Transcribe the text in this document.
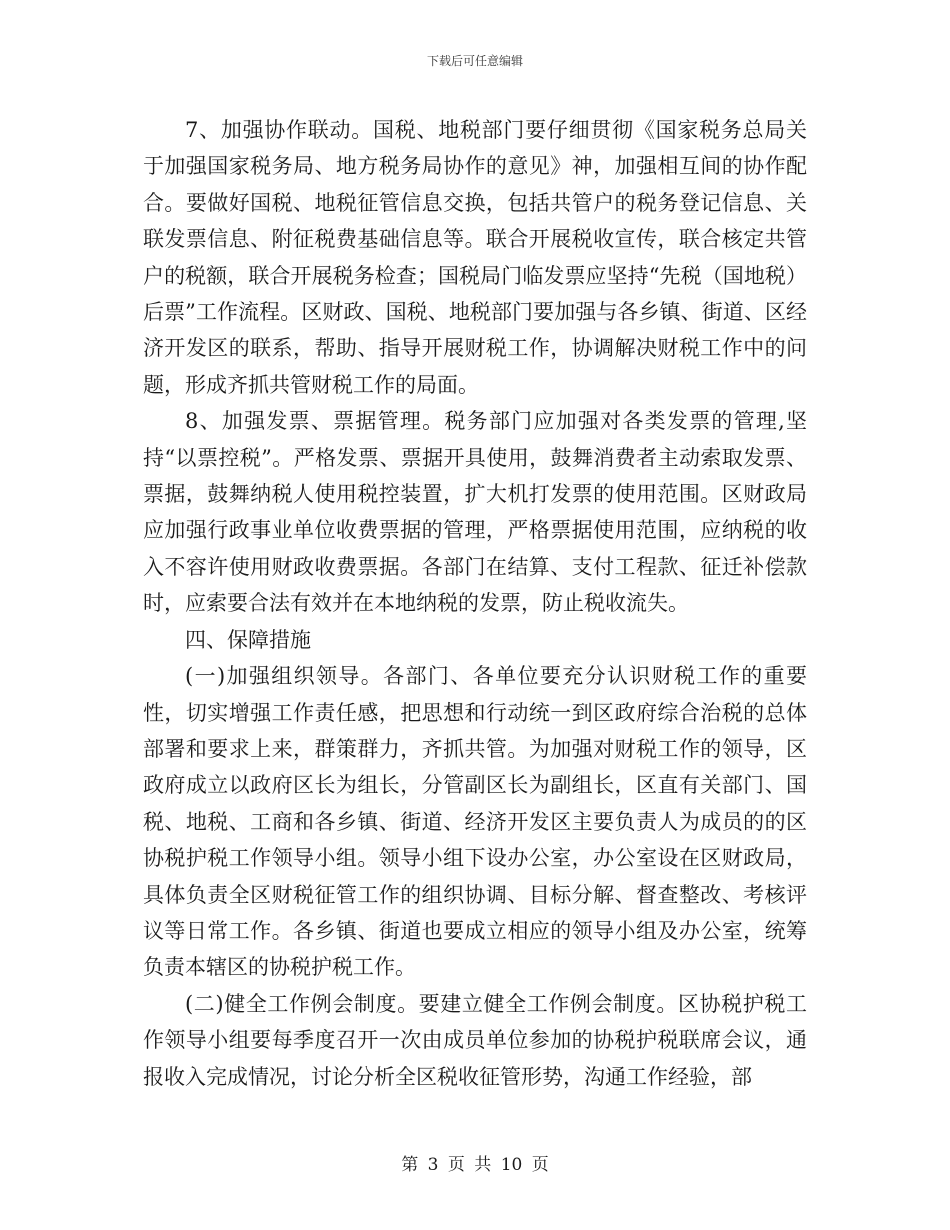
下载后可任意编辑

7、加强协作联动。国税、地税部门要仔细贯彻《国家税务总局关于加强国家税务局、地方税务局协作的意见》神，加强相互间的协作配合。要做好国税、地税征管信息交换，包括共管户的税务登记信息、关联发票信息、附征税费基础信息等。联合开展税收宣传，联合核定共管户的税额，联合开展税务检查；国税局门临发票应坚持“先税（国地税）后票”工作流程。区财政、国税、地税部门要加强与各乡镇、街道、区经济开发区的联系，帮助、指导开展财税工作，协调解决财税工作中的问题，形成齐抓共管财税工作的局面。

8、加强发票、票据管理。税务部门应加强对各类发票的管理,坚持“以票控税”。严格发票、票据开具使用，鼓舞消费者主动索取发票、票据，鼓舞纳税人使用税控装置，扩大机打发票的使用范围。区财政局应加强行政事业单位收费票据的管理，严格票据使用范围，应纳税的收入不容许使用财政收费票据。各部门在结算、支付工程款、征迁补偿款时，应索要合法有效并在本地纳税的发票，防止税收流失。

四、保障措施

(一)加强组织领导。各部门、各单位要充分认识财税工作的重要性，切实增强工作责任感，把思想和行动统一到区政府综合治税的总体部署和要求上来，群策群力，齐抓共管。为加强对财税工作的领导，区政府成立以政府区长为组长，分管副区长为副组长，区直有关部门、国税、地税、工商和各乡镇、街道、经济开发区主要负责人为成员的的区协税护税工作领导小组。领导小组下设办公室，办公室设在区财政局，具体负责全区财税征管工作的组织协调、目标分解、督查整改、考核评议等日常工作。各乡镇、街道也要成立相应的领导小组及办公室，统筹负责本辖区的协税护税工作。

(二)健全工作例会制度。要建立健全工作例会制度。区协税护税工作领导小组要每季度召开一次由成员单位参加的协税护税联席会议，通报收入完成情况，讨论分析全区税收征管形势，沟通工作经验，部

第 3 页 共 10 页
